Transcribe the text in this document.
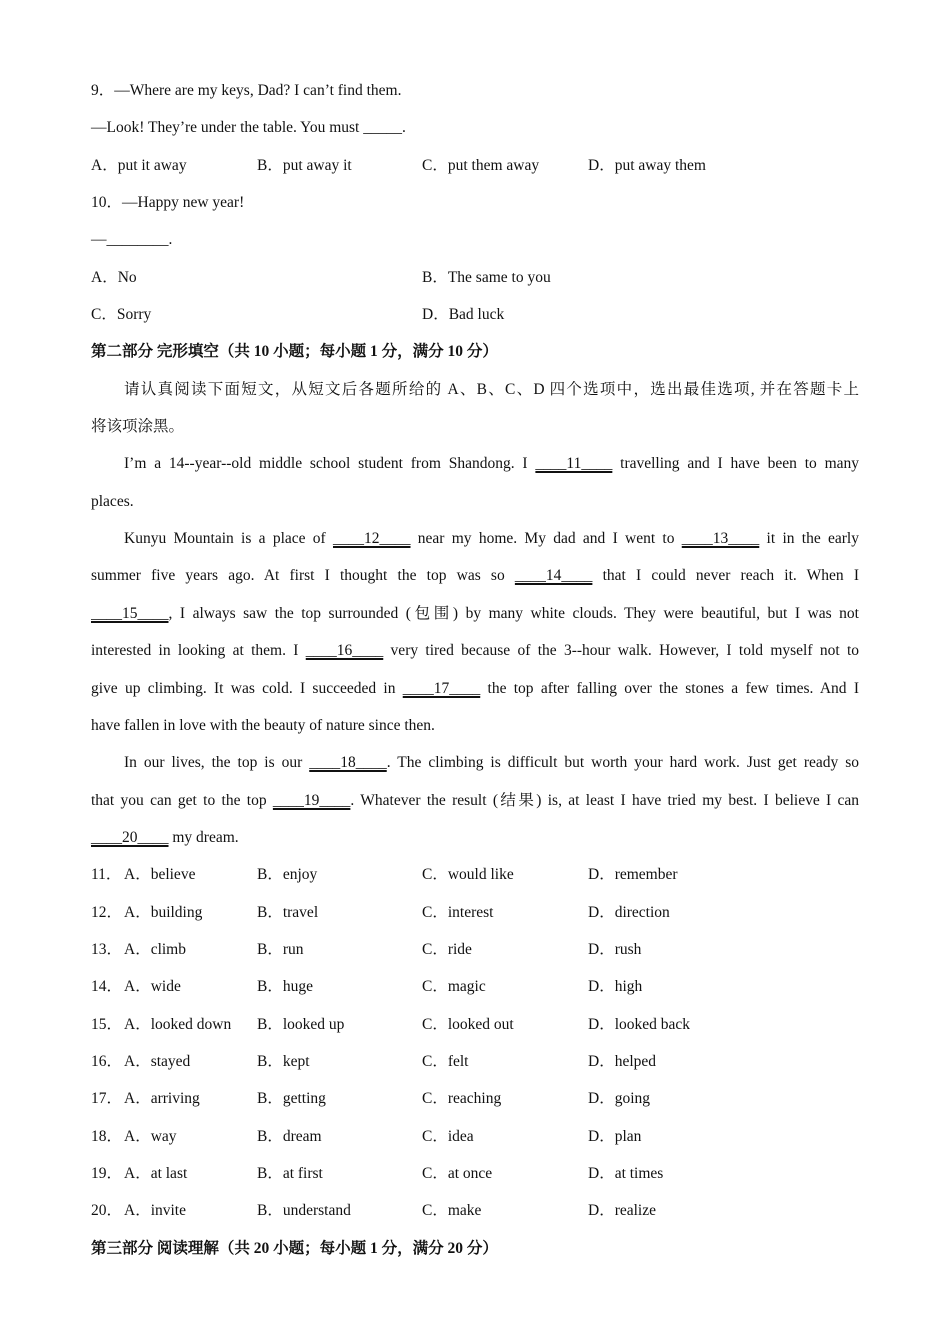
9．—Where are my keys, Dad? I can’t find them.
—Look! They’re under the table. You must _____.
A．put it away	B．put away it	C．put them away	D．put away them
10．—Happy new year!
—________.
A．No	B．The same to you
C．Sorry	D．Bad luck
第二部分 完形填空（共 10 小题；每小题 1 分，满分 10 分）
请认真阅读下面短文，从短文后各题所给的 A、B、C、D 四个选项中，选出最佳选项, 并在答题卡上
将该项涂黑。
I’m a 14--year--old middle school student from Shandong. I ____11____ travelling and I have been to many
places.
Kunyu Mountain is a place of ____12____ near my home. My dad and I went to ____13____ it in the early
summer five years ago. At first I thought the top was so ____14____ that I could never reach it. When I
____15____, I always saw the top surrounded (包围) by many white clouds. They were beautiful, but I was not
interested in looking at them. I ____16____ very tired because of the 3--hour walk. However, I told myself not to
give up climbing. It was cold. I succeeded in ____17____ the top after falling over the stones a few times. And I
have fallen in love with the beauty of nature since then.
In our lives, the top is our ____18____. The climbing is difficult but worth your hard work. Just get ready so
that you can get to the top ____19____. Whatever the result (结果) is, at least I have tried my best. I believe I can
____20____ my dream.
11． A．believe	B．enjoy	C．would like	D．remember
12． A．building	B．travel	C．interest	D．direction
13． A．climb	B．run	C．ride	D．rush
14． A．wide	B．huge	C．magic	D．high
15． A．looked down B．looked up	C．looked out	D．looked back
16． A．stayed	B．kept	C．felt	D．helped
17． A．arriving	B．getting	C．reaching	D．going
18． A．way	B．dream	C．idea	D．plan
19． A．at last	B．at first	C．at once	D．at times
20． A．invite	B．understand	C．make	D．realize
第三部分 阅读理解（共 20 小题；每小题 1 分，满分 20 分）
